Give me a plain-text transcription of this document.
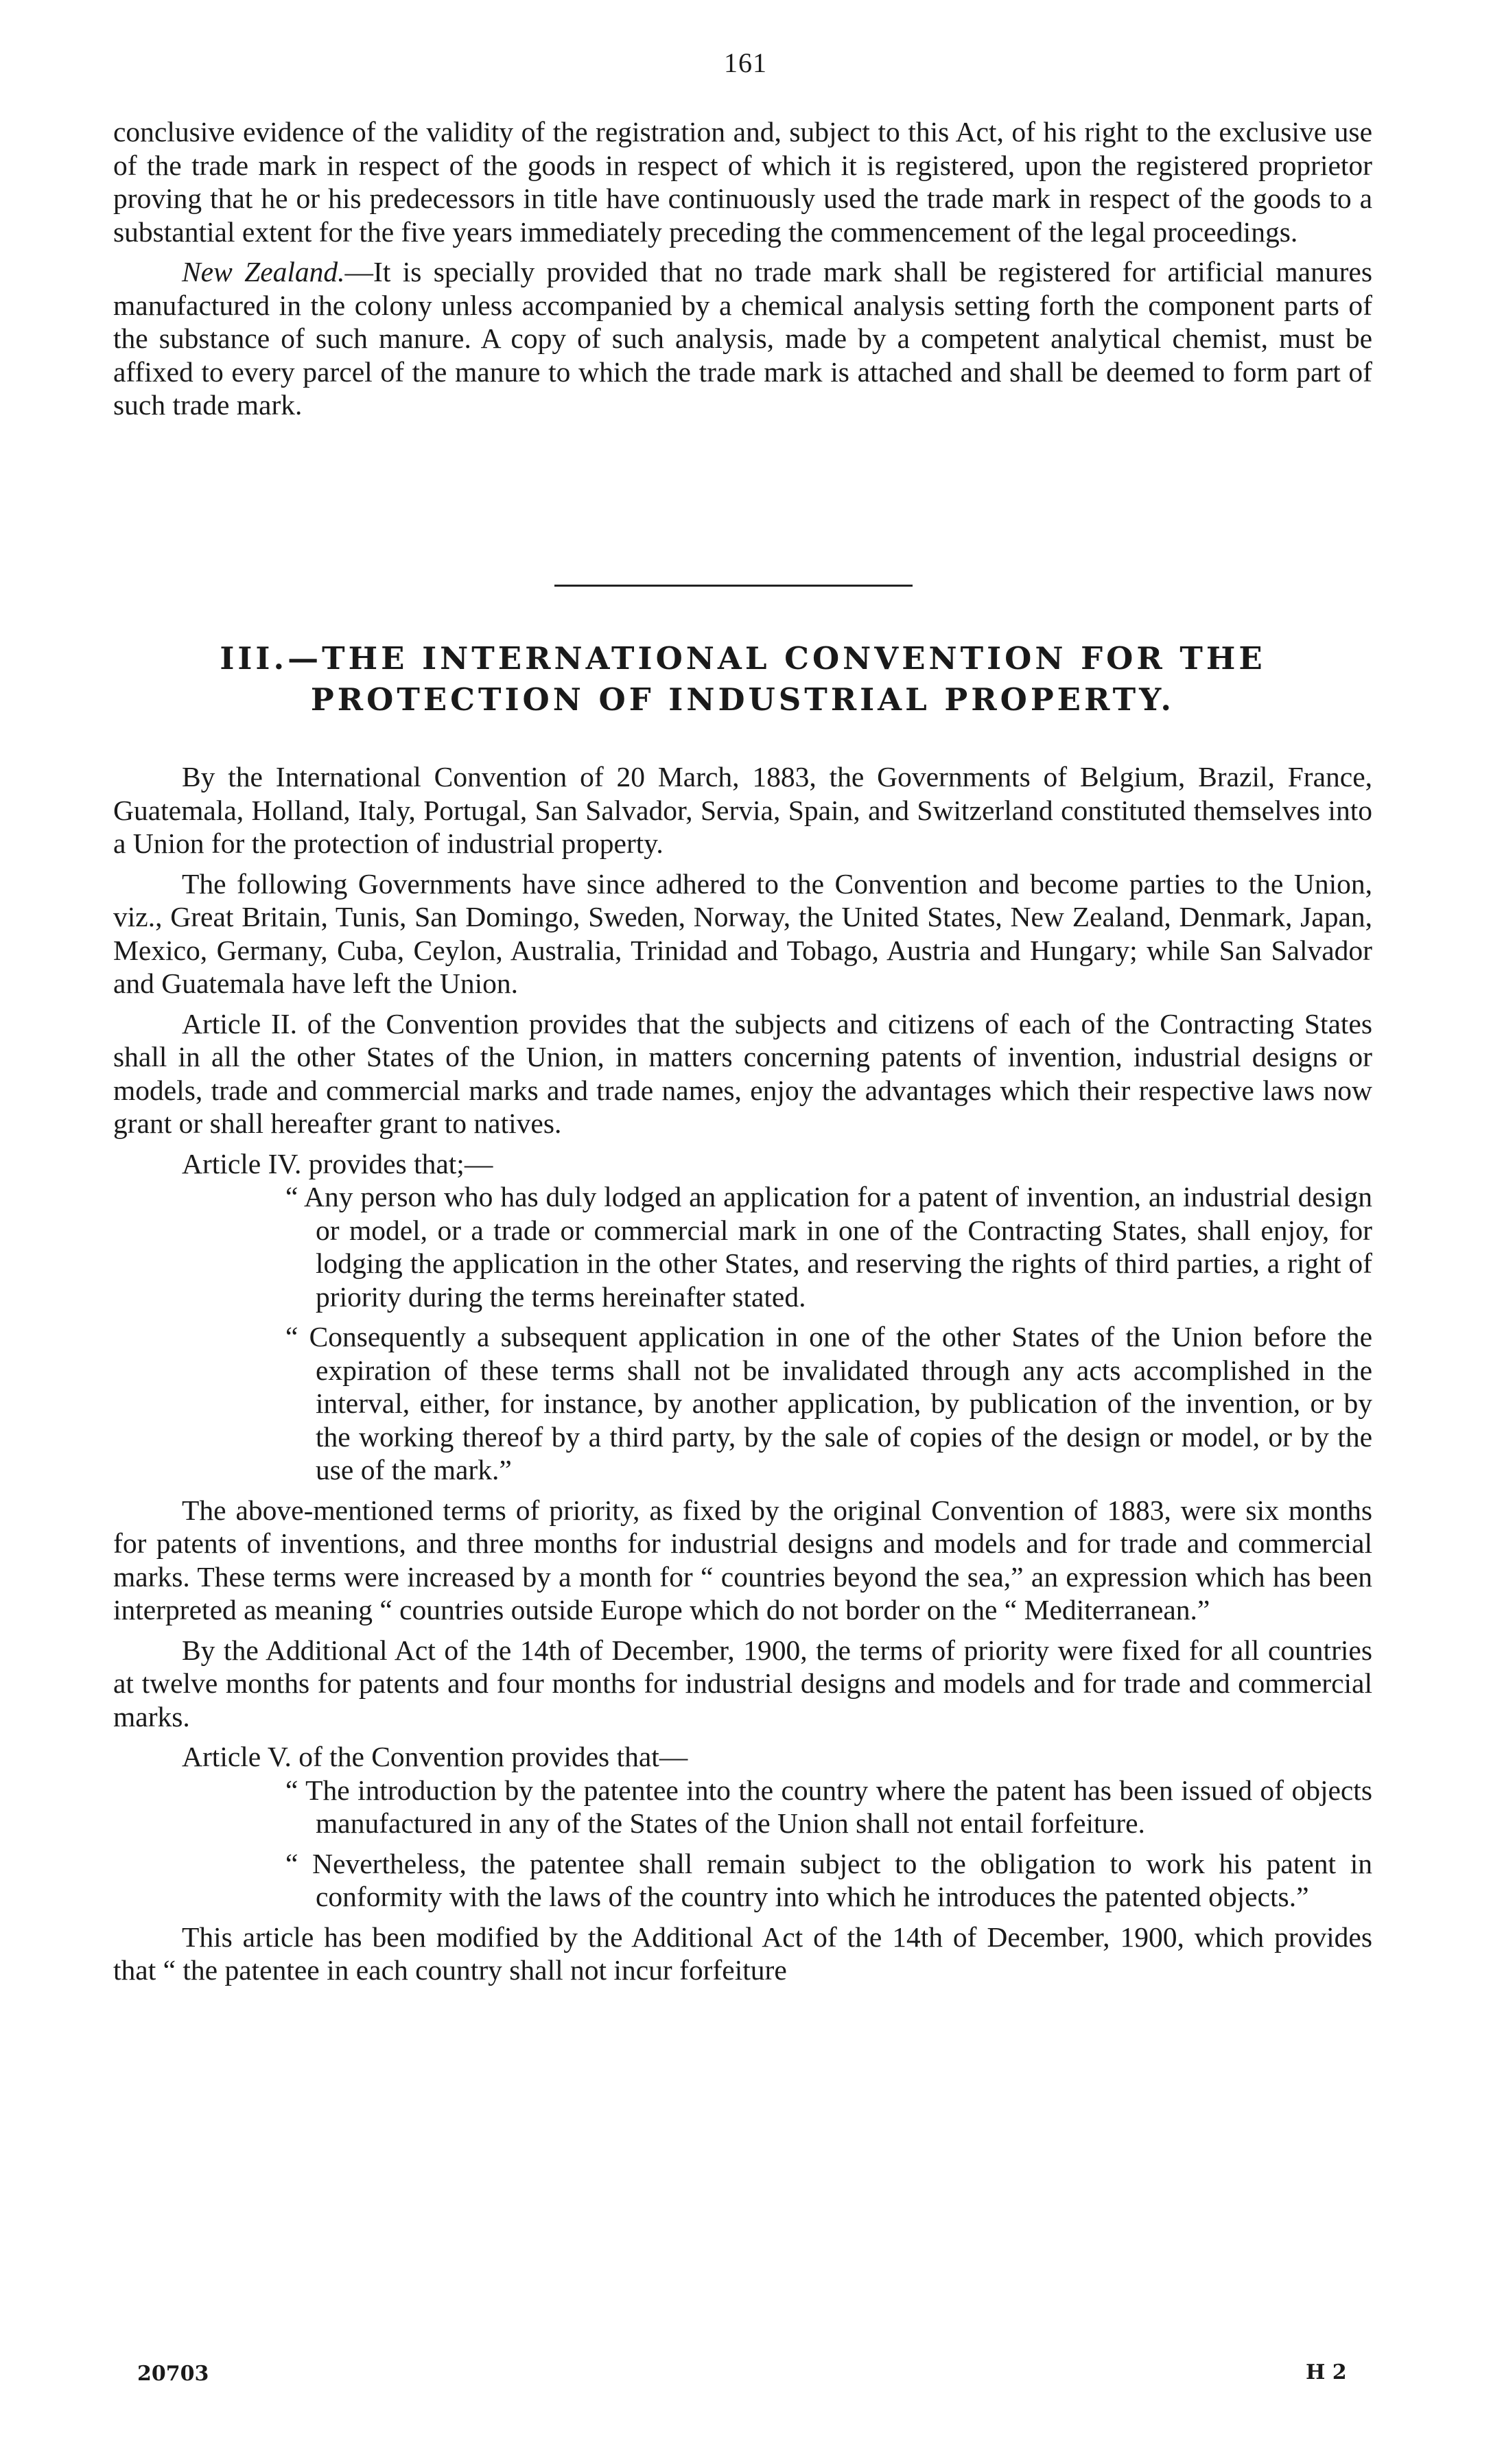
161

conclusive evidence of the validity of the registration and, subject to this Act, of his right to the exclusive use of the trade mark in respect of the goods in respect of which it is registered, upon the registered proprietor proving that he or his predecessors in title have continuously used the trade mark in respect of the goods to a substantial extent for the five years immediately preceding the commencement of the legal proceedings.

New Zealand.—It is specially provided that no trade mark shall be registered for artificial manures manufactured in the colony unless accompanied by a chemical analysis setting forth the component parts of the substance of such manure. A copy of such analysis, made by a competent analytical chemist, must be affixed to every parcel of the manure to which the trade mark is attached and shall be deemed to form part of such trade mark.

III.—THE INTERNATIONAL CONVENTION FOR THE
PROTECTION OF INDUSTRIAL PROPERTY.

By the International Convention of 20 March, 1883, the Governments of Belgium, Brazil, France, Guatemala, Holland, Italy, Portugal, San Salvador, Servia, Spain, and Switzerland constituted themselves into a Union for the protection of industrial property.

The following Governments have since adhered to the Convention and become parties to the Union, viz., Great Britain, Tunis, San Domingo, Sweden, Norway, the United States, New Zealand, Denmark, Japan, Mexico, Germany, Cuba, Ceylon, Australia, Trinidad and Tobago, Austria and Hungary; while San Salvador and Guatemala have left the Union.

Article II. of the Convention provides that the subjects and citizens of each of the Contracting States shall in all the other States of the Union, in matters concerning patents of invention, industrial designs or models, trade and commercial marks and trade names, enjoy the advantages which their respective laws now grant or shall hereafter grant to natives.

Article IV. provides that;—

“ Any person who has duly lodged an application for a patent of invention, an industrial design or model, or a trade or commercial mark in one of the Contracting States, shall enjoy, for lodging the application in the other States, and reserving the rights of third parties, a right of priority during the terms hereinafter stated.

“ Consequently a subsequent application in one of the other States of the Union before the expiration of these terms shall not be invalidated through any acts accomplished in the interval, either, for instance, by another application, by publication of the invention, or by the working thereof by a third party, by the sale of copies of the design or model, or by the use of the mark.”

The above-mentioned terms of priority, as fixed by the original Convention of 1883, were six months for patents of inventions, and three months for industrial designs and models and for trade and commercial marks. These terms were increased by a month for “ countries beyond the sea,” an expression which has been interpreted as meaning “ countries outside Europe which do not border on the “ Mediterranean.”

By the Additional Act of the 14th of December, 1900, the terms of priority were fixed for all countries at twelve months for patents and four months for industrial designs and models and for trade and commercial marks.

Article V. of the Convention provides that—

“ The introduction by the patentee into the country where the patent has been issued of objects manufactured in any of the States of the Union shall not entail forfeiture.

“ Nevertheless, the patentee shall remain subject to the obligation to work his patent in conformity with the laws of the country into which he introduces the patented objects.”

This article has been modified by the Additional Act of the 14th of December, 1900, which provides that “ the patentee in each country shall not incur forfeiture

20703	H 2
